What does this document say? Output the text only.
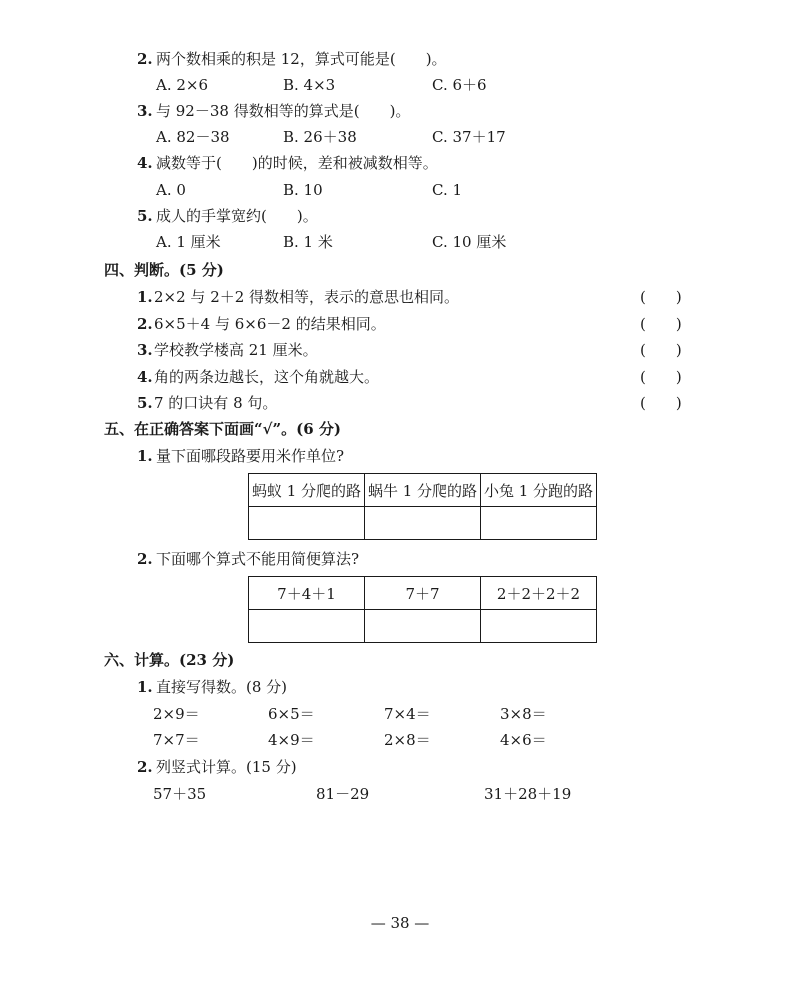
2. 两个数相乘的积是 12，算式可能是(　　)。
A. 2×6	B. 4×3	C. 6＋6
3. 与 92－38 得数相等的算式是(　　)。
A. 82－38	B. 26＋38	C. 37＋17
4. 减数等于(　　)的时候，差和被减数相等。
A. 0	B. 10	C. 1
5. 成人的手掌宽约(　　)。
A. 1 厘米	B. 1 米	C. 10 厘米
四、判断。(5 分)
1. 2×2 与 2＋2 得数相等，表示的意思也相同。	(　　)
2. 6×5＋4 与 6×6－2 的结果相同。	(　　)
3. 学校教学楼高 21 厘米。	(　　)
4. 角的两条边越长，这个角就越大。	(　　)
5. 7 的口诀有 8 句。	(　　)
五、在正确答案下面画“√”。(6 分)
1. 量下面哪段路要用米作单位?
蚂蚁 1 分爬的路	蜗牛 1 分爬的路	小兔 1 分跑的路

2. 下面哪个算式不能用简便算法?
7＋4＋1	7＋7	2＋2＋2＋2

六、计算。(23 分)
1. 直接写得数。(8 分)
2×9＝	6×5＝	7×4＝	3×8＝
7×7＝	4×9＝	2×8＝	4×6＝
2. 列竖式计算。(15 分)
57＋35	81－29	31＋28＋19
— 38 —
